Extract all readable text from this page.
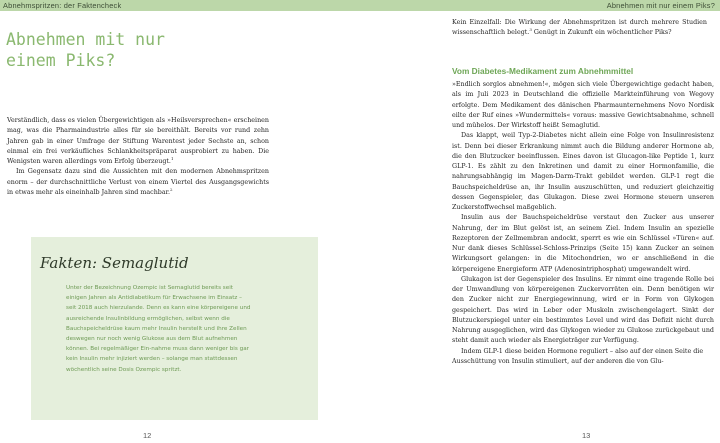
Abnehmspritzen: der Faktencheck
Abnehmen mit nur
einem Piks?

Verständlich, dass es vielen Übergewichtigen als »Heilsversprechen« erscheinen mag, was die Pharmaindustrie alles für sie bereithält. Bereits vor rund zehn Jahren gab in einer Umfrage der Stiftung Warentest jeder Sechste an, schon einmal ein frei verkäufliches Schlankheitspräparat ausprobiert zu haben. Die Wenigsten waren allerdings vom Erfolg überzeugt.$^1$

Im Gegensatz dazu sind die Aussichten mit den modernen Abnehmspritzen enorm – der durchschnittliche Verlust von einem Viertel des Ausgangsgewichts in etwas mehr als eineinhalb Jahren sind machbar.$^2$

Fakten: Semaglutid

Unter der Bezeichnung Ozempic ist Semaglutid bereits seit einigen Jahren als Antidiabetikum für Erwachsene im Einsatz – seit 2018 auch hierzulande. Denn es kann eine körpereigene und ausreichende Insulinbildung ermöglichen, selbst wenn die Bauchspeicheldrüse kaum mehr Insulin herstellt und ihre Zellen deswegen nur noch wenig Glukose aus dem Blut aufnehmen können. Bei regelmäßiger Ein-nahme muss dann weniger bis gar kein Insulin mehr injiziert werden – solange man stattdessen wöchentlich seine Dosis Ozempic spritzt.

12
Abnehmen mit nur einem Piks?

Kein Einzelfall: Die Wirkung der Abnehmspritzen ist durch mehrere Studien wissenschaftlich belegt.$^3$ Genügt in Zukunft ein wöchentlicher Piks?

Vom Diabetes-Medikament zum Abnehmmittel

»Endlich sorglos abnehmen!«, mögen sich viele Übergewichtige gedacht haben, als im Juli 2023 in Deutschland die offizielle Markteinführung von Wegovy erfolgte. Dem Medikament des dänischen Pharmaunternehmens Novo Nordisk eilte der Ruf eines »Wundermittels« voraus: massive Gewichtsabnahme, schnell und mühelos. Der Wirkstoff heißt Semaglutid.

Das klappt, weil Typ-2-Diabetes nicht allein eine Folge von Insulinresistenz ist. Denn bei dieser Erkrankung nimmt auch die Bildung anderer Hormone ab, die den Blutzucker beeinflussen. Eines davon ist Glucagon-like Peptide 1, kurz GLP-1. Es zählt zu den Inkretinen und damit zu einer Hormonfamilie, die nahrungsabhängig im Magen-Darm-Trakt gebildet werden. GLP-1 regt die Bauchspeicheldrüse an, ihr Insulin auszuschütten, und reduziert gleichzeitig dessen Gegenspieler, das Glukagon. Diese zwei Hormone steuern unseren Zuckerstoffwechsel maßgeblich.

Insulin aus der Bauchspeicheldrüse verstaut den Zucker aus unserer Nahrung, der im Blut gelöst ist, an seinem Ziel. Indem Insulin an spezielle Rezeptoren der Zellmembran andockt, sperrt es wie ein Schlüssel »Türen« auf. Nur dank dieses Schlüssel-Schloss-Prinzips (Seite 15) kann Zucker an seinen Wirkungsort gelangen: in die Mitochondrien, wo er anschließend in die körpereigene Energieform ATP (Adenosintriphosphat) umgewandelt wird.

Glukagon ist der Gegenspieler des Insulins. Er nimmt eine tragende Rolle bei der Umwandlung von körpereigenen Zuckervorräten ein. Denn benötigen wir den Zucker nicht zur Energiegewinnung, wird er in Form von Glykogen gespeichert. Das wird in Leber oder Muskeln zwischengelagert. Sinkt der Blutzuckerspiegel unter ein bestimmtes Level und wird das Defizit nicht durch Nahrung ausgeglichen, wird das Glykogen wieder zu Glukose zurückgebaut und steht damit auch wieder als Energieträger zur Verfügung.

Indem GLP-1 diese beiden Hormone reguliert – also auf der einen Seite die Ausschüttung von Insulin stimuliert, auf der anderen die von Glu-

13
